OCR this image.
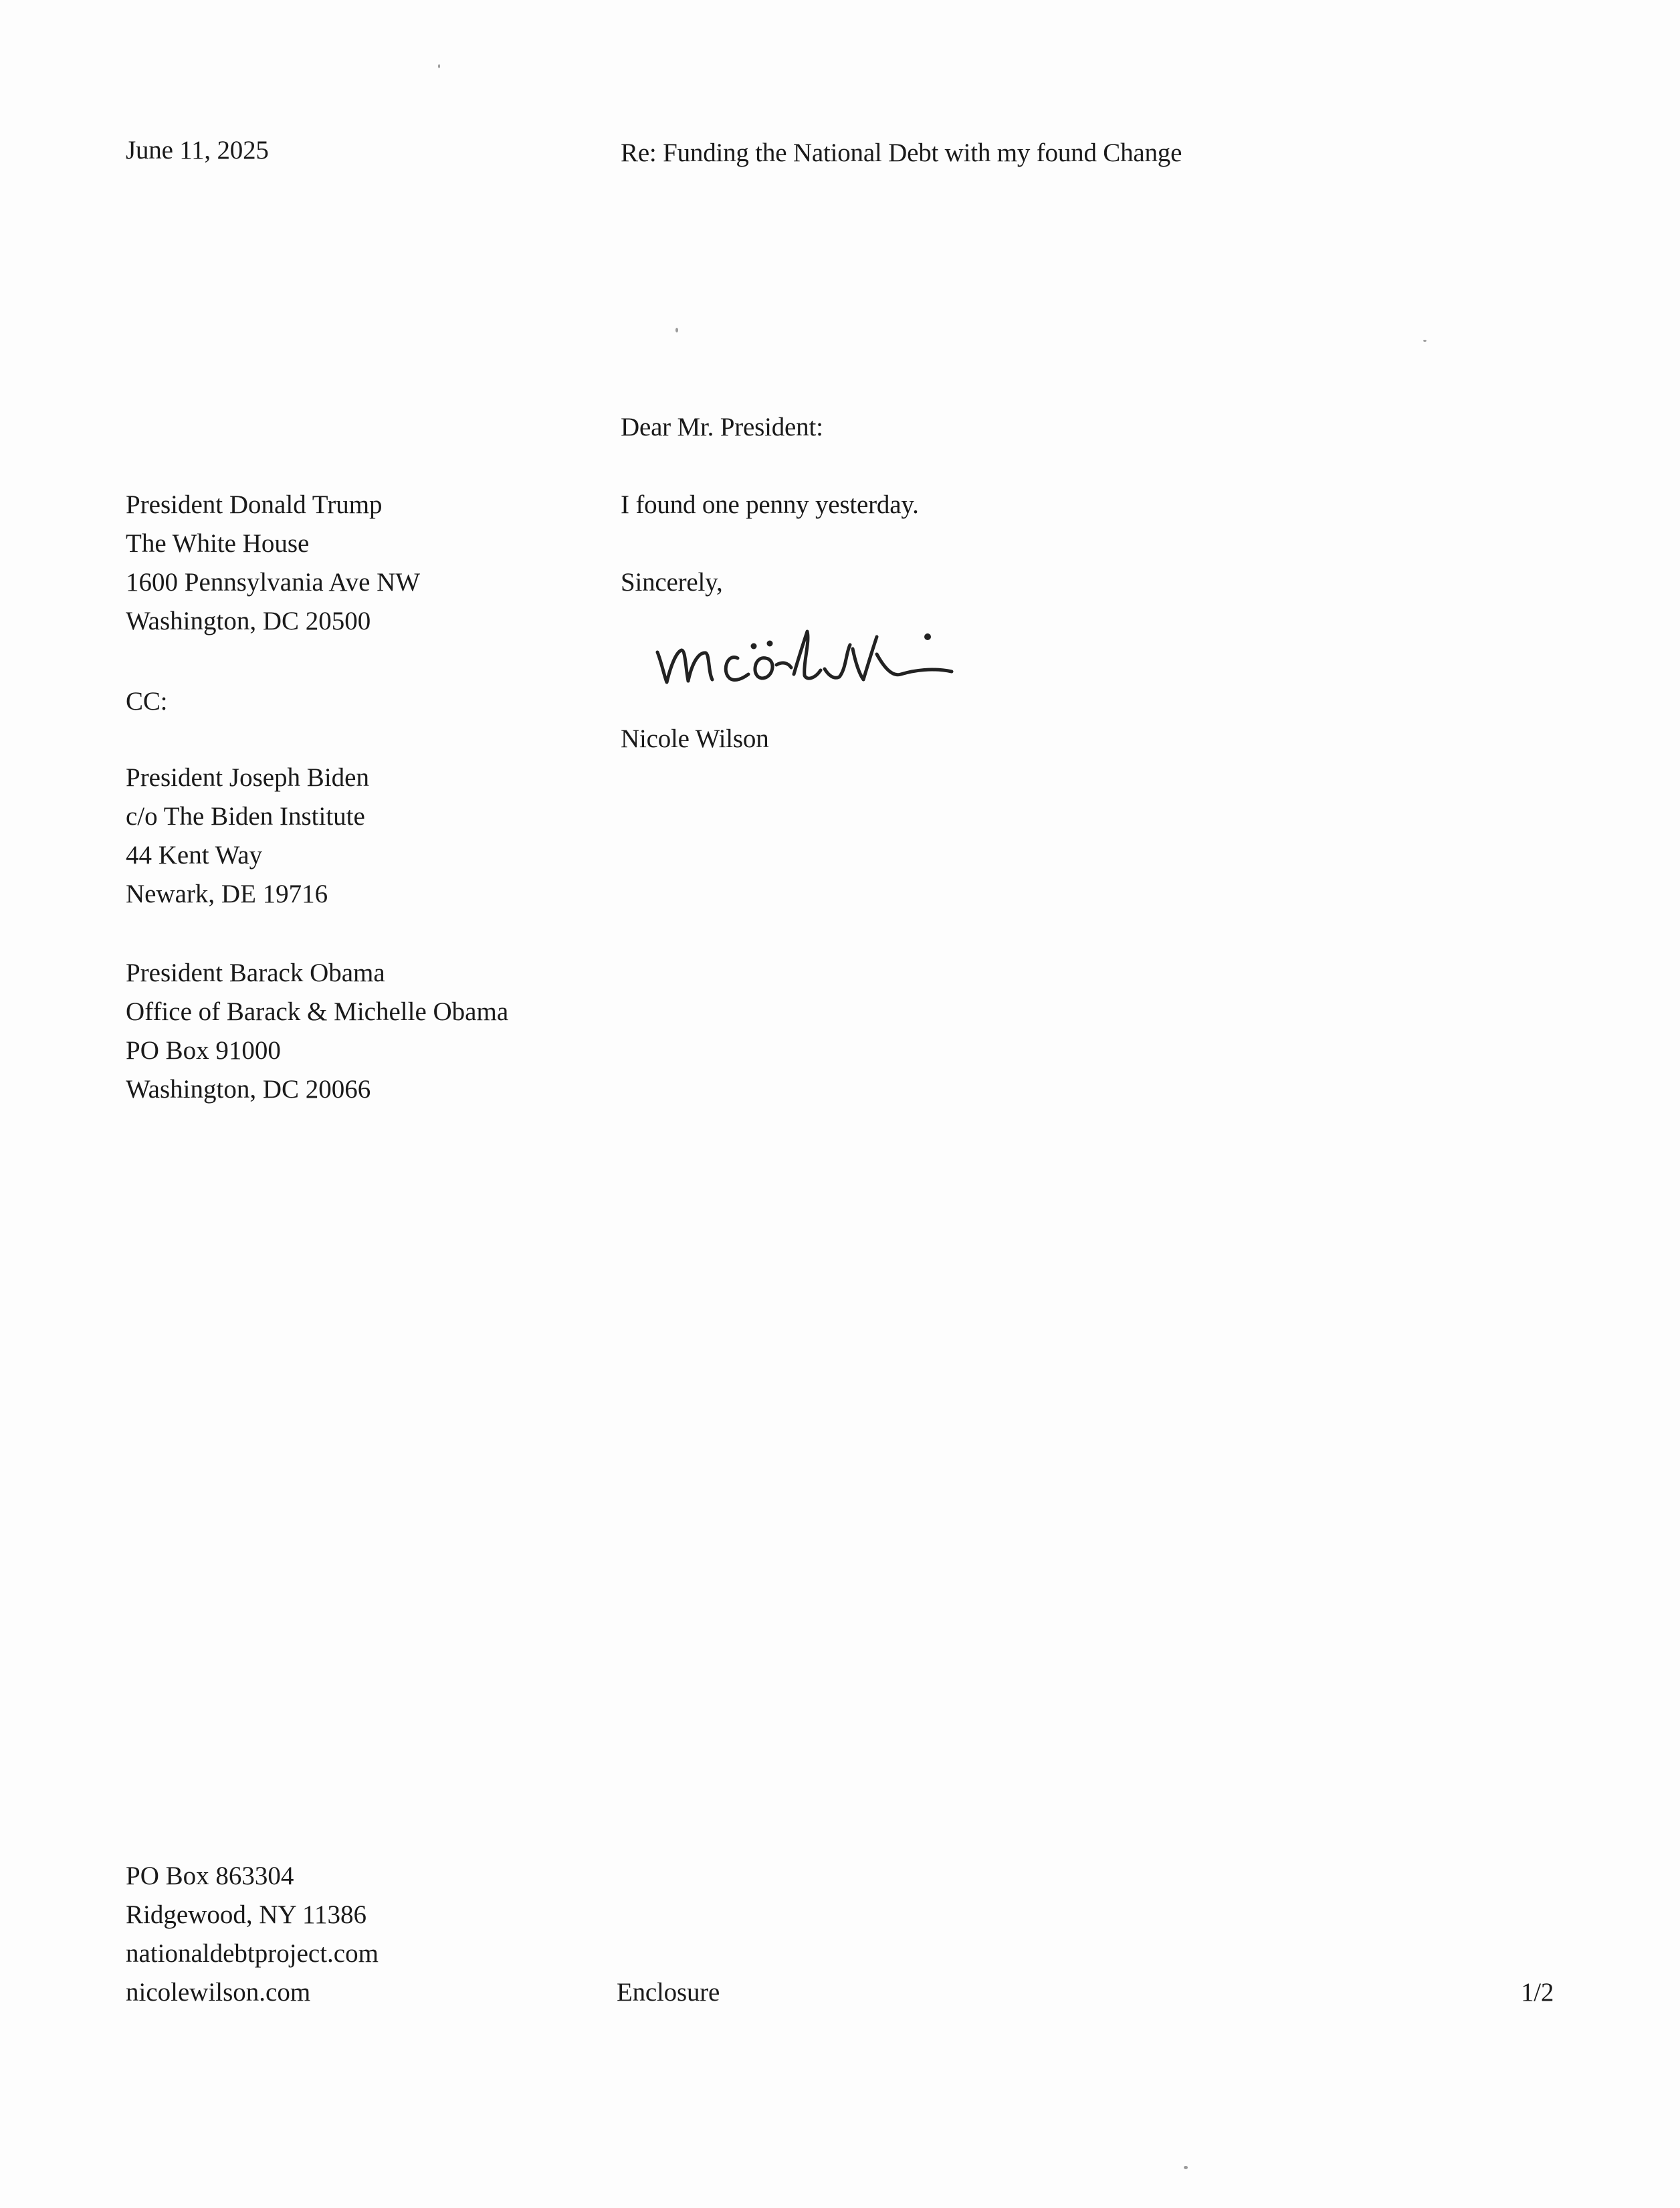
June 11, 2025	Re: Funding the National Debt with my found Change
Dear Mr. President:
I found one penny yesterday.
Sincerely,
Nicole Wilson
President Donald Trump
The White House
1600 Pennsylvania Ave NW
Washington, DC 20500
CC:
President Joseph Biden
c/o The Biden Institute
44 Kent Way
Newark, DE 19716
President Barack Obama
Office of Barack & Michelle Obama
PO Box 91000
Washington, DC 20066
PO Box 863304
Ridgewood, NY 11386
nationaldebtproject.com
nicolewilson.com	Enclosure	1/2
